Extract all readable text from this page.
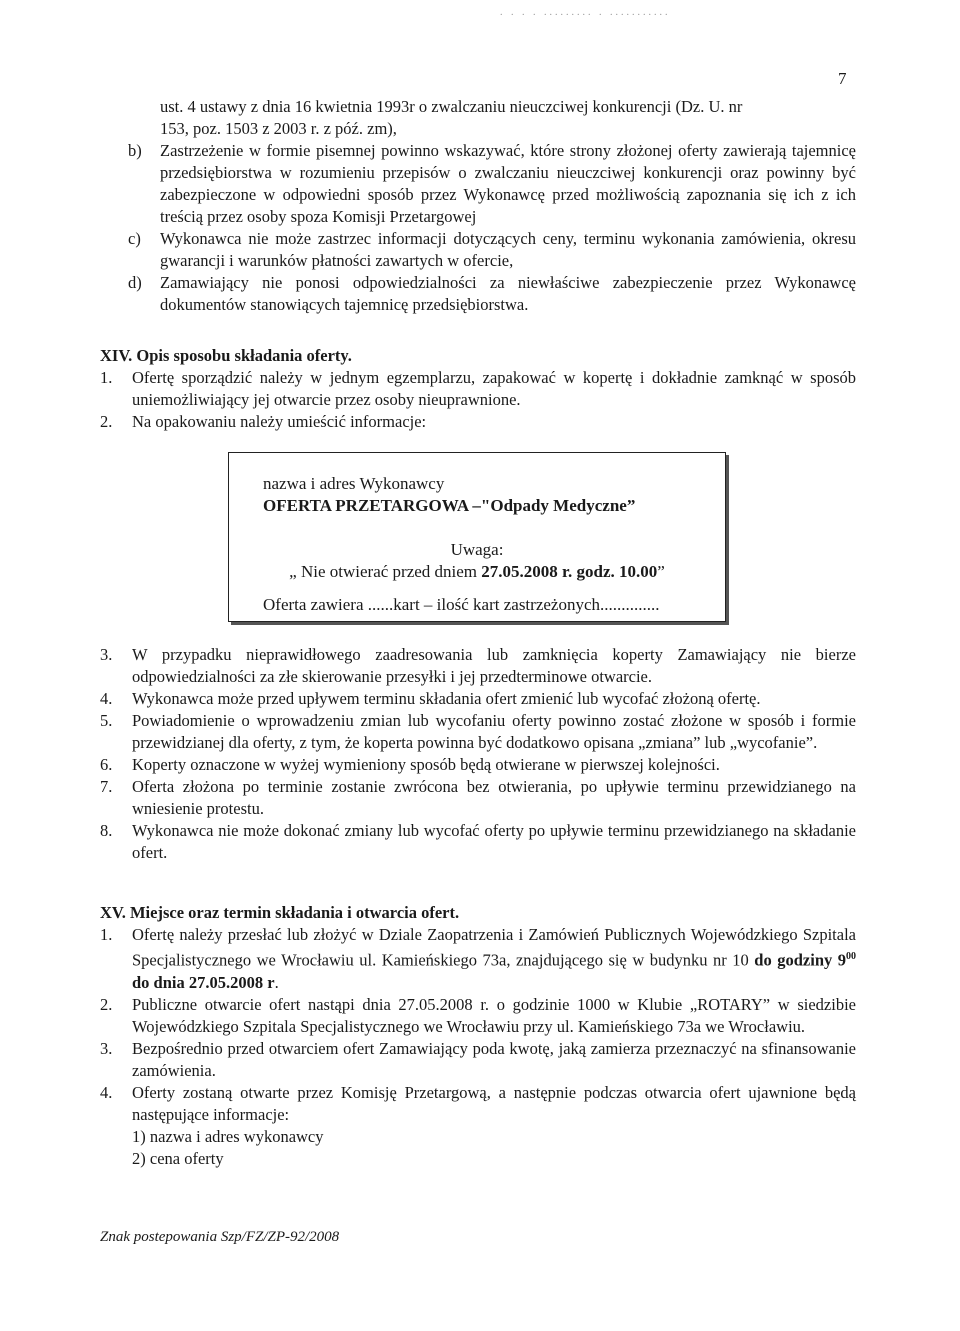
. . . . ......... . ...........
7
ust. 4 ustawy z dnia 16 kwietnia 1993r o zwalczaniu nieuczciwej konkurencji (Dz. U. nr
153, poz. 1503 z 2003 r. z póź. zm),
b)	Zastrzeżenie w formie pisemnej powinno wskazywać, które strony złożonej oferty zawierają tajemnicę przedsiębiorstwa w rozumieniu przepisów o zwalczaniu nieuczciwej konkurencji oraz powinny być zabezpieczone w odpowiedni sposób przez Wykonawcę przed możliwością zapoznania się ich z ich treścią przez osoby spoza Komisji Przetargowej
c)	Wykonawca nie może zastrzec informacji dotyczących ceny, terminu wykonania zamówienia, okresu gwarancji i warunków płatności zawartych w ofercie,
d)	Zamawiający nie ponosi odpowiedzialności za niewłaściwe zabezpieczenie przez Wykonawcę dokumentów stanowiących tajemnicę przedsiębiorstwa.
XIV. Opis sposobu składania oferty.
1.	Ofertę sporządzić należy w jednym egzemplarzu, zapakować w kopertę i dokładnie zamknąć w sposób uniemożliwiający jej otwarcie przez osoby nieuprawnione.
2.	Na opakowaniu należy umieścić informacje:
nazwa i adres Wykonawcy
OFERTA PRZETARGOWA –"Odpady Medyczne”
Uwaga:
„ Nie otwierać przed dniem 27.05.2008 r. godz. 10.00”
Oferta zawiera ......kart – ilość kart zastrzeżonych..............
3.	W przypadku nieprawidłowego zaadresowania lub zamknięcia koperty Zamawiający nie bierze odpowiedzialności za złe skierowanie przesyłki i jej przedterminowe otwarcie.
4.	Wykonawca może przed upływem terminu składania ofert zmienić lub wycofać złożoną ofertę.
5.	Powiadomienie o wprowadzeniu zmian lub wycofaniu oferty powinno zostać złożone w sposób i formie przewidzianej dla oferty, z tym, że koperta powinna być dodatkowo opisana „zmiana” lub „wycofanie”.
6.	Koperty oznaczone w wyżej wymieniony sposób będą otwierane w pierwszej kolejności.
7.	Oferta złożona po terminie zostanie zwrócona bez otwierania, po upływie terminu przewidzianego na wniesienie protestu.
8.	Wykonawca nie może dokonać zmiany lub wycofać oferty po upływie terminu przewidzianego na składanie ofert.
XV. Miejsce oraz termin składania i otwarcia ofert.
1.	Ofertę należy przesłać lub złożyć w Dziale Zaopatrzenia i Zamówień Publicznych Wojewódzkiego Szpitala Specjalistycznego we Wrocławiu ul. Kamieńskiego 73a, znajdującego się w budynku nr 10 do godziny $9^{00}$ do dnia 27.05.2008 r.
2.	Publiczne otwarcie ofert nastąpi dnia 27.05.2008 r. o godzinie 1000 w Klubie „ROTARY” w siedzibie Wojewódzkiego Szpitala Specjalistycznego we Wrocławiu przy ul. Kamieńskiego 73a we Wrocławiu.
3.	Bezpośrednio przed otwarciem ofert Zamawiający poda kwotę, jaką zamierza przeznaczyć na sfinansowanie zamówienia.
4.	Oferty zostaną otwarte przez Komisję Przetargową, a następnie podczas otwarcia ofert ujawnione będą następujące informacje:
1) nazwa i adres wykonawcy
2) cena oferty
Znak postepowania Szp/FZ/ZP-92/2008
